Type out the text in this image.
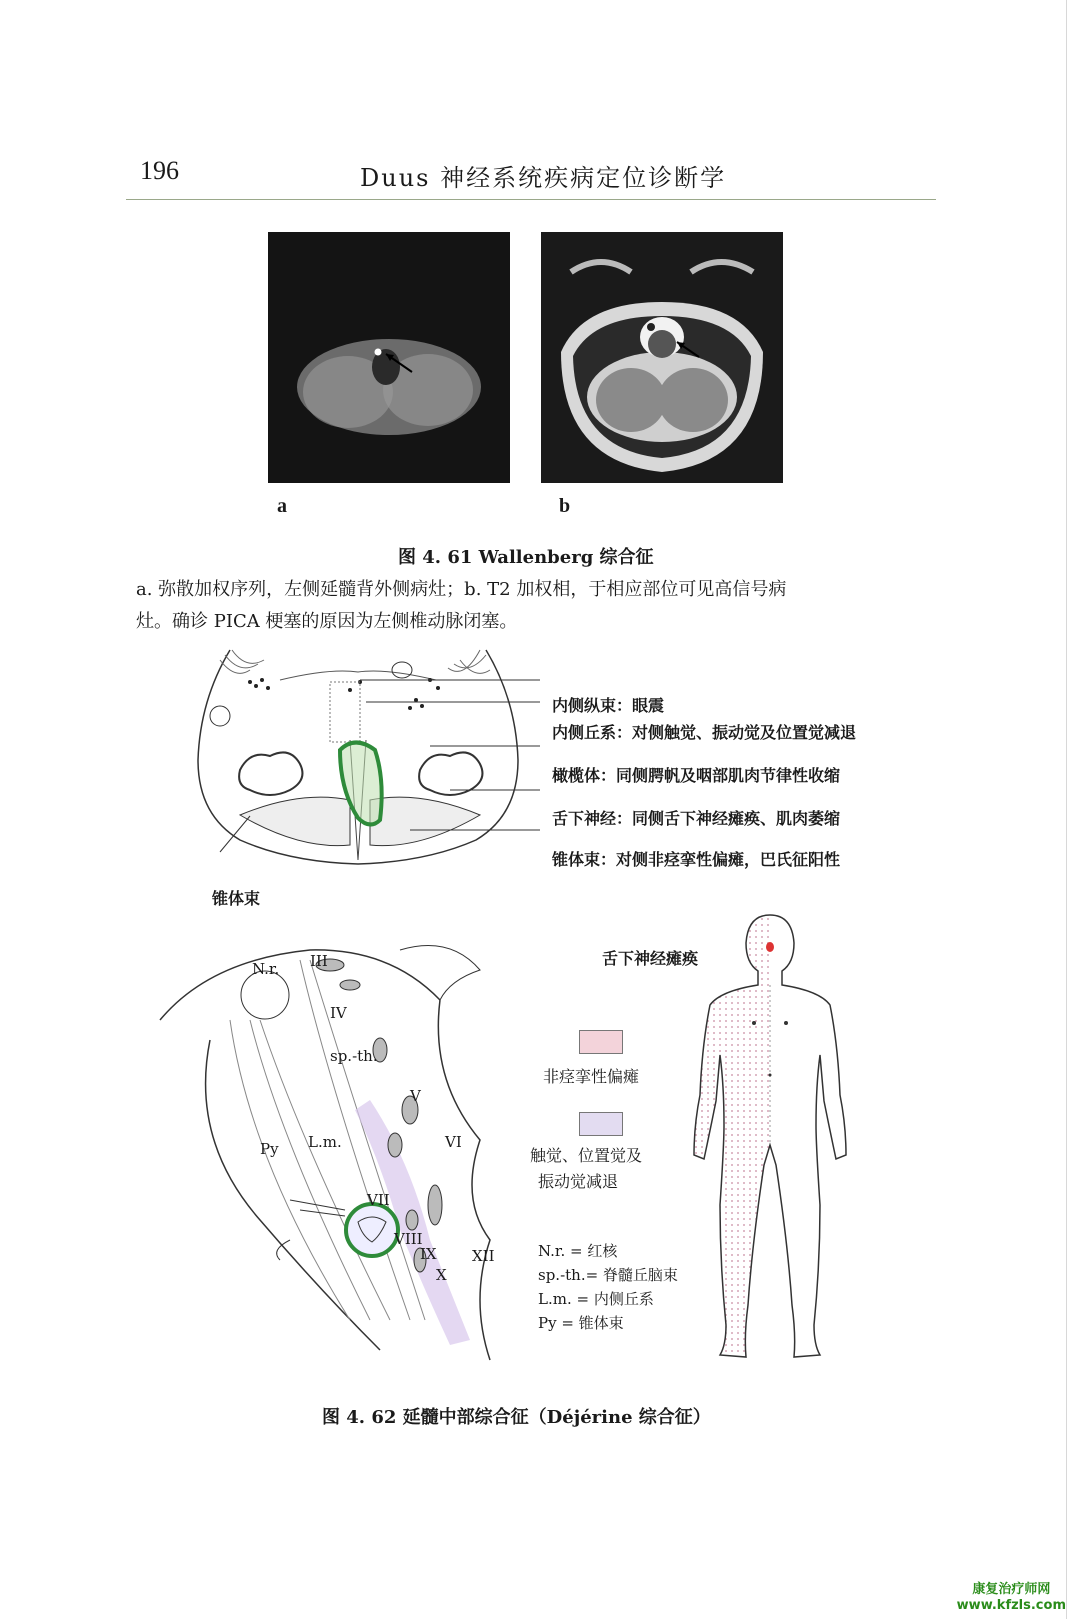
196	Duus 神经系统疾病定位诊断学
a	b
图 4. 61 Wallenberg 综合征
a. 弥散加权序列，左侧延髓背外侧病灶；b. T2 加权相，于相应部位可见高信号病
灶。确诊 PICA 梗塞的原因为左侧椎动脉闭塞。
内侧纵束：眼震
内侧丘系：对侧触觉、振动觉及位置觉减退
橄榄体：同侧腭帆及咽部肌肉节律性收缩
舌下神经：同侧舌下神经瘫痪、肌肉萎缩
锥体束：对侧非痉挛性偏瘫，巴氏征阳性
锥体束
N.r. III
IV
sp.-th.
V
Py L.m.	VI
VII
VIII
IX
X
XII
非痉挛性偏瘫
触觉、位置觉及
振动觉减退
N.r. = 红核
sp.-th.= 脊髓丘脑束
L.m. = 内侧丘系
Py = 锥体束
舌下神经瘫痪
图 4. 62 延髓中部综合征（Déjérine 综合征）
康复治疗师网
www.kfzls.com
